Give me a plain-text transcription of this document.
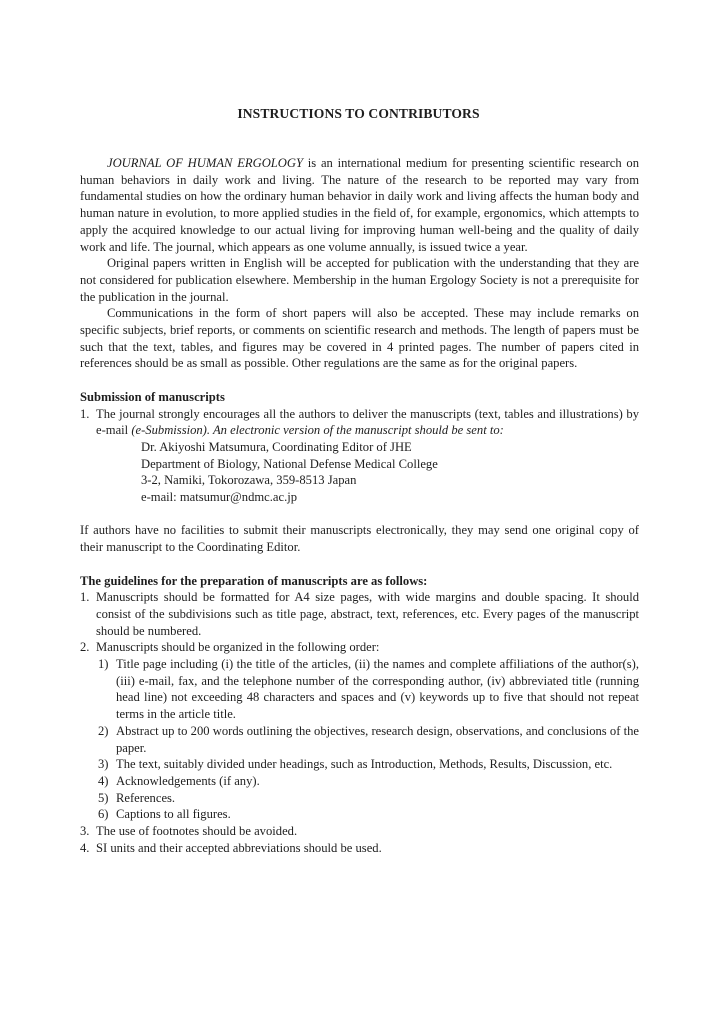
INSTRUCTIONS TO CONTRIBUTORS

JOURNAL OF HUMAN ERGOLOGY is an international medium for presenting scientific research on human behaviors in daily work and living. The nature of the research to be reported may vary from fundamental studies on how the ordinary human behavior in daily work and living affects the human body and human nature in evolution, to more applied studies in the field of, for example, ergonomics, which attempts to apply the acquired knowledge to our actual living for improving human well-being and the quality of daily work and life. The journal, which appears as one volume annually, is issued twice a year.

Original papers written in English will be accepted for publication with the understanding that they are not considered for publication elsewhere. Membership in the human Ergology Society is not a prerequisite for the publication in the journal.

Communications in the form of short papers will also be accepted. These may include remarks on specific subjects, brief reports, or comments on scientific research and methods. The length of papers must be such that the text, tables, and figures may be covered in 4 printed pages. The number of papers cited in references should be as small as possible. Other regulations are the same as for the original papers.

Submission of manuscripts

1. The journal strongly encourages all the authors to deliver the manuscripts (text, tables and illustrations) by e-mail (e-Submission). An electronic version of the manuscript should be sent to:
Dr. Akiyoshi Matsumura, Coordinating Editor of JHE
Department of Biology, National Defense Medical College
3-2, Namiki, Tokorozawa, 359-8513 Japan
e-mail: matsumur@ndmc.ac.jp

If authors have no facilities to submit their manuscripts electronically, they may send one original copy of their manuscript to the Coordinating Editor.

The guidelines for the preparation of manuscripts are as follows:

1. Manuscripts should be formatted for A4 size pages, with wide margins and double spacing. It should consist of the subdivisions such as title page, abstract, text, references, etc. Every pages of the manuscript should be numbered.
2. Manuscripts should be organized in the following order:
1) Title page including (i) the title of the articles, (ii) the names and complete affiliations of the author(s), (iii) e-mail, fax, and the telephone number of the corresponding author, (iv) abbreviated title (running head line) not exceeding 48 characters and spaces and (v) keywords up to five that should not repeat terms in the article title.
2) Abstract up to 200 words outlining the objectives, research design, observations, and conclusions of the paper.
3) The text, suitably divided under headings, such as Introduction, Methods, Results, Discussion, etc.
4) Acknowledgements (if any).
5) References.
6) Captions to all figures.
3. The use of footnotes should be avoided.
4. SI units and their accepted abbreviations should be used.
